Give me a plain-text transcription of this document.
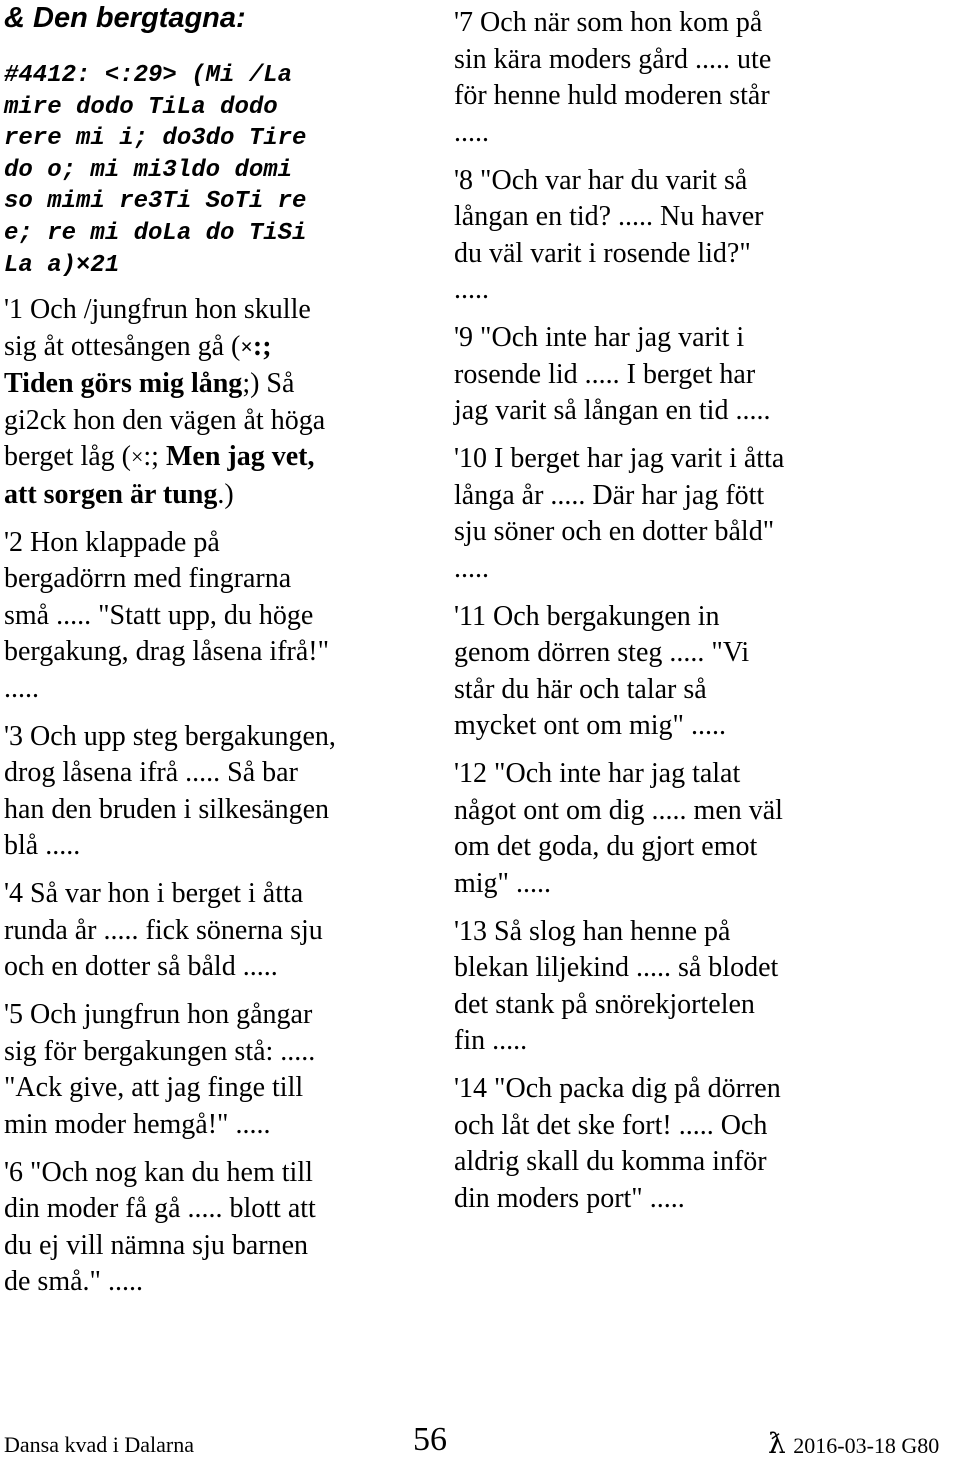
& Den bergtagna:
#4412: <:29> (Mi /La
mire dodo TiLa dodo
rere mi i; do3do Tire
do o; mi mi3ldo domi
so mimi re3Ti SoTi re
e; re mi doLa do TiSi
La a)×21

'1 Och /jungfrun hon skulle
sig åt ottesången gå (×:;
Tiden görs mig lång;) Så
gi2ck hon den vägen åt höga
berget låg (×:; Men jag vet,
att sorgen är tung.)

'2 Hon klappade på
bergadörrn med fingrarna
små ..... "Statt upp, du höge
bergakung, drag låsena ifrå!"
.....

'3 Och upp steg bergakungen,
drog låsena ifrå ..... Så bar
han den bruden i silkesängen
blå .....

'4 Så var hon i berget i åtta
runda år ..... fick sönerna sju
och en dotter så båld .....

'5 Och jungfrun hon gångar
sig för bergakungen stå: .....
"Ack give, att jag finge till
min moder hemgå!" .....

'6 "Och nog kan du hem till
din moder få gå ..... blott att
du ej vill nämna sju barnen
de små." .....

'7 Och när som hon kom på
sin kära moders gård ..... ute
för henne huld moderen står
.....

'8 "Och var har du varit så
långan en tid? ..... Nu haver
du väl varit i rosende lid?"
.....

'9 "Och inte har jag varit i
rosende lid ..... I berget har
jag varit så långan en tid .....

'10 I berget har jag varit i åtta
långa år ..... Där har jag fött
sju söner och en dotter båld"
.....

'11 Och bergakungen in
genom dörren steg ..... "Vi
står du här och talar så
mycket ont om mig" .....

'12 "Och inte har jag talat
något ont om dig ..... men väl
om det goda, du gjort emot
mig" .....

'13 Så slog han henne på
blekan liljekind ..... så blodet
det stank på snörekjortelen
fin .....

'14 "Och packa dig på dörren
och låt det ske fort! ..... Och
aldrig skall du komma inför
din moders port" .....

Dansa kvad i Dalarna	56	ƛ 2016-03-18 G80
